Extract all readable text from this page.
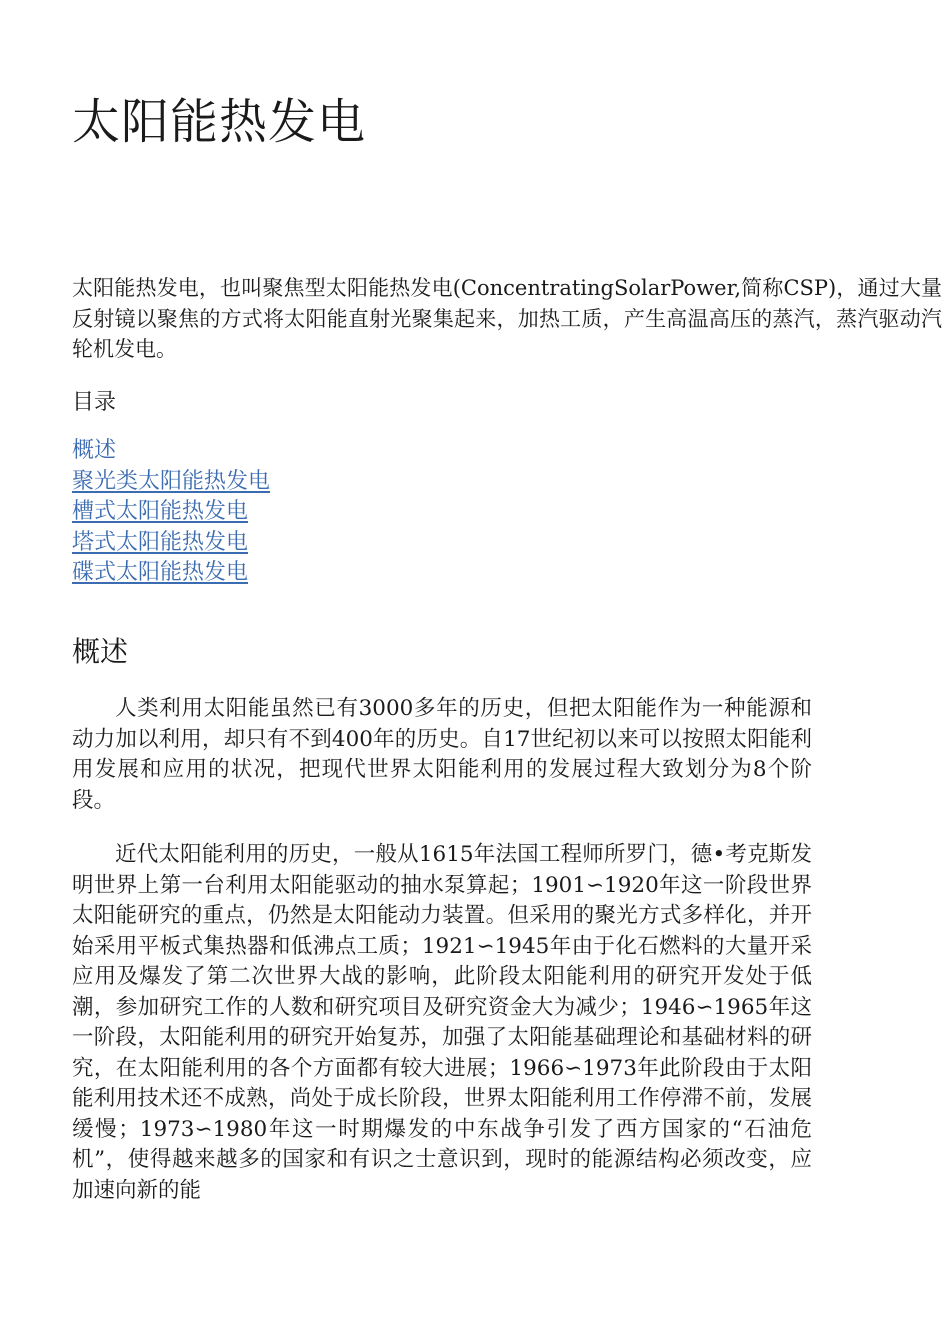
太阳能热发电

太阳能热发电，也叫聚焦型太阳能热发电(ConcentratingSolarPower,简称CSP)，通过大量反射镜以聚焦的方式将太阳能直射光聚集起来，加热工质，产生高温高压的蒸汽，蒸汽驱动汽轮机发电。

目录
概述
聚光类太阳能热发电
槽式太阳能热发电
塔式太阳能热发电
碟式太阳能热发电
概述

人类利用太阳能虽然已有3000多年的历史，但把太阳能作为一种能源和动力加以利用，却只有不到400年的历史。自17世纪初以来可以按照太阳能利用发展和应用的状况，把现代世界太阳能利用的发展过程大致划分为8个阶段。

近代太阳能利用的历史，一般从1615年法国工程师所罗门，德•考克斯发明世界上第一台利用太阳能驱动的抽水泵算起；1901∽1920年这一阶段世界太阳能研究的重点，仍然是太阳能动力装置。但采用的聚光方式多样化，并开始采用平板式集热器和低沸点工质；1921∽1945年由于化石燃料的大量开采应用及爆发了第二次世界大战的影响，此阶段太阳能利用的研究开发处于低潮，参加研究工作的人数和研究项目及研究资金大为减少；1946∽1965年这一阶段，太阳能利用的研究开始复苏，加强了太阳能基础理论和基础材料的研究，在太阳能利用的各个方面都有较大进展；1966∽1973年此阶段由于太阳能利用技术还不成熟，尚处于成长阶段，世界太阳能利用工作停滞不前，发展缓慢；1973∽1980年这一时期爆发的中东战争引发了西方国家的“石油危机”，使得越来越多的国家和有识之士意识到，现时的能源结构必须改变，应加速向新的能
